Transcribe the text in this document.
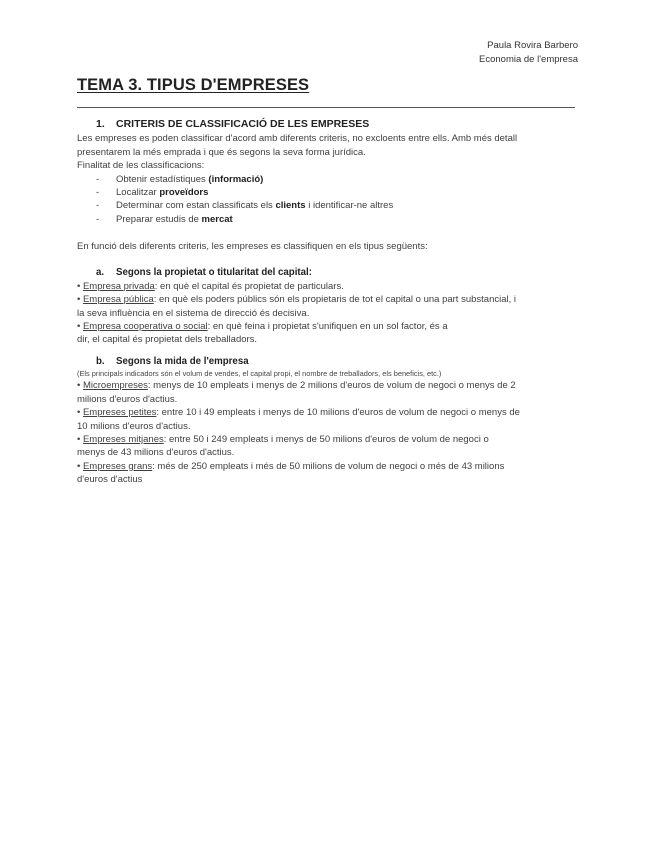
Paula Rovira Barbero
Economia de l'empresa
TEMA 3. TIPUS D'EMPRESES
1. CRITERIS DE CLASSIFICACIÓ DE LES EMPRESES

Les empreses es poden classificar d'acord amb diferents criteris, no excloents entre ells. Amb més detall

presentarem la més emprada i que és segons la seva forma jurídica.

Finalitat de les classificacions:

- Obtenir estadístiques (informació)
- Localitzar proveïdors
- Determinar com estan classificats els clients i identificar-ne altres
- Preparar estudis de mercat

En funció dels diferents criteris, les empreses es classifiquen en els tipus següents:

a. Segons la propietat o titularitat del capital:
• Empresa privada: en què el capital és propietat de particulars.
• Empresa pública: en què els poders públics són els propietaris de tot el capital o una part substancial, i
la seva influència en el sistema de direcció és decisiva.
• Empresa cooperativa o social: en què feina i propietat s'unifiquen en un sol factor, és a
dir, el capital és propietat dels treballadors.
b. Segons la mida de l'empresa

(Els principals indicadors són el volum de vendes, el capital propi, el nombre de treballadors, els beneficis, etc.)

• Microempreses: menys de 10 empleats i menys de 2 milions d'euros de volum de negoci o menys de 2
milions d'euros d'actius.
• Empreses petites: entre 10 i 49 empleats i menys de 10 milions d'euros de volum de negoci o menys de
10 milions d'euros d'actius.
• Empreses mitjanes: entre 50 i 249 empleats i menys de 50 milions d'euros de volum de negoci o
menys de 43 milions d'euros d'actius.
• Empreses grans: més de 250 empleats i més de 50 milions de volum de negoci o més de 43 milions
d'euros d'actius
